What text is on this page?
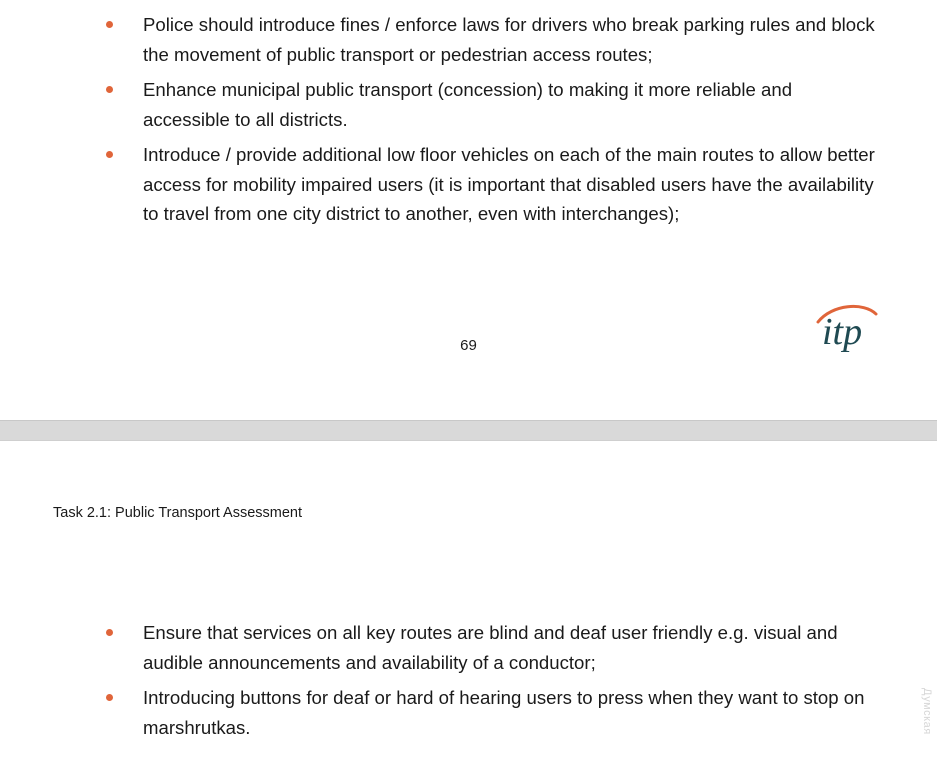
Police should introduce fines / enforce laws for drivers who break parking rules and block the movement of public transport or pedestrian access routes;
Enhance municipal public transport (concession) to making it more reliable and accessible to all districts.
Introduce / provide additional low floor vehicles on each of the main routes to allow better access for mobility impaired users (it is important that disabled users have the availability to travel from one city district to another, even with interchanges);
69	itp
Task 2.1: Public Transport Assessment
Ensure that services on all key routes are blind and deaf user friendly e.g. visual and audible announcements and availability of a conductor;
Introducing buttons for deaf or hard of hearing users to press when they want to stop on marshrutkas.	Думская
